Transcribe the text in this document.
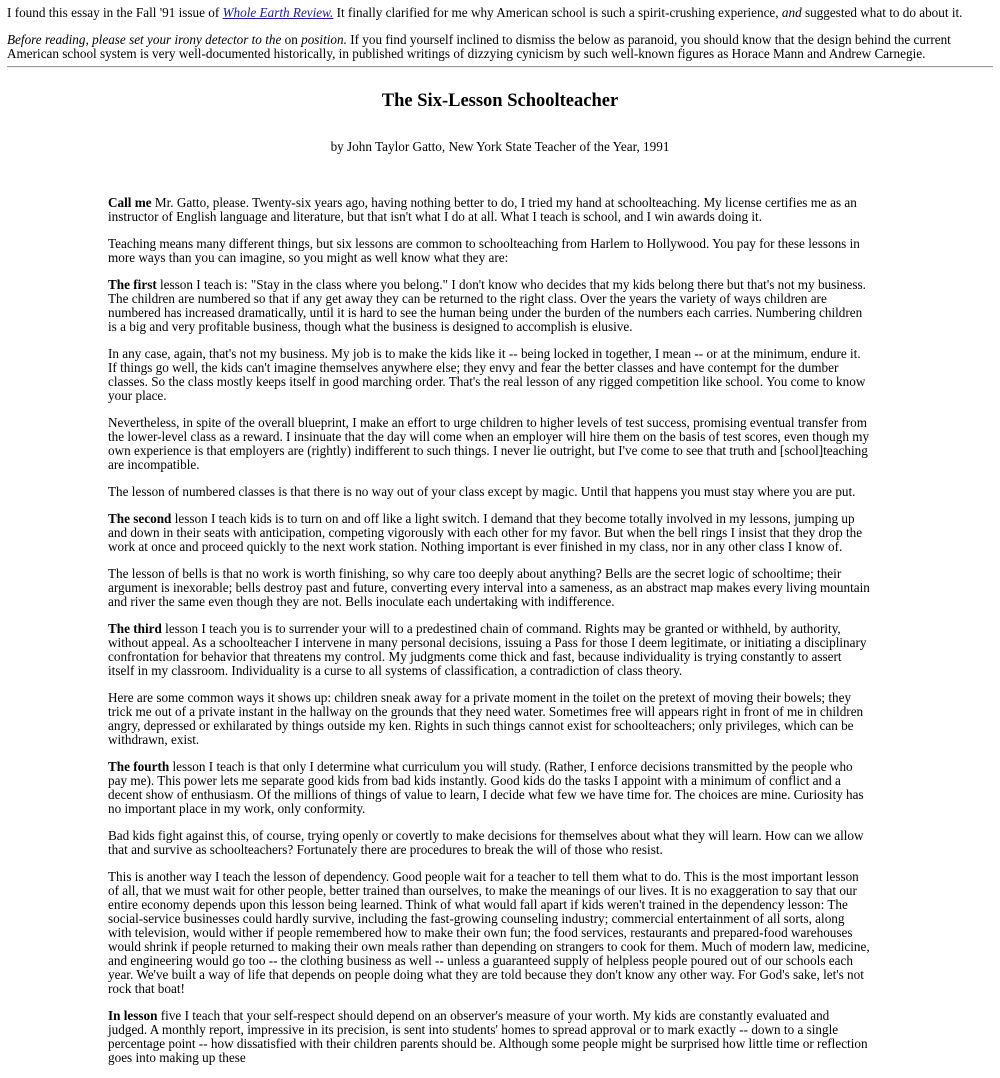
I found this essay in the Fall '91 issue of Whole Earth Review. It finally clarified for me why American school is such a spirit-crushing experience, and suggested what to do about it.

Before reading, please set your irony detector to the on position. If you find yourself inclined to dismiss the below as paranoid, you should know that the design behind the current American school system is very well-documented historically, in published writings of dizzying cynicism by such well-known figures as Horace Mann and Andrew Carnegie.

The Six-Lesson Schoolteacher

by John Taylor Gatto, New York State Teacher of the Year, 1991

Call me Mr. Gatto, please. Twenty-six years ago, having nothing better to do, I tried my hand at schoolteaching. My license certifies me as an instructor of English language and literature, but that isn't what I do at all. What I teach is school, and I win awards doing it.

Teaching means many different things, but six lessons are common to schoolteaching from Harlem to Hollywood. You pay for these lessons in more ways than you can imagine, so you might as well know what they are:

The first lesson I teach is: "Stay in the class where you belong." I don't know who decides that my kids belong there but that's not my business. The children are numbered so that if any get away they can be returned to the right class. Over the years the variety of ways children are numbered has increased dramatically, until it is hard to see the human being under the burden of the numbers each carries. Numbering children is a big and very profitable business, though what the business is designed to accomplish is elusive.

In any case, again, that's not my business. My job is to make the kids like it -- being locked in together, I mean -- or at the minimum, endure it. If things go well, the kids can't imagine themselves anywhere else; they envy and fear the better classes and have contempt for the dumber classes. So the class mostly keeps itself in good marching order. That's the real lesson of any rigged competition like school. You come to know your place.

Nevertheless, in spite of the overall blueprint, I make an effort to urge children to higher levels of test success, promising eventual transfer from the lower-level class as a reward. I insinuate that the day will come when an employer will hire them on the basis of test scores, even though my own experience is that employers are (rightly) indifferent to such things. I never lie outright, but I've come to see that truth and [school]teaching are incompatible.

The lesson of numbered classes is that there is no way out of your class except by magic. Until that happens you must stay where you are put.

The second lesson I teach kids is to turn on and off like a light switch. I demand that they become totally involved in my lessons, jumping up and down in their seats with anticipation, competing vigorously with each other for my favor. But when the bell rings I insist that they drop the work at once and proceed quickly to the next work station. Nothing important is ever finished in my class, nor in any other class I know of.

The lesson of bells is that no work is worth finishing, so why care too deeply about anything? Bells are the secret logic of schooltime; their argument is inexorable; bells destroy past and future, converting every interval into a sameness, as an abstract map makes every living mountain and river the same even though they are not. Bells inoculate each undertaking with indifference.

The third lesson I teach you is to surrender your will to a predestined chain of command. Rights may be granted or withheld, by authority, without appeal. As a schoolteacher I intervene in many personal decisions, issuing a Pass for those I deem legitimate, or initiating a disciplinary confrontation for behavior that threatens my control. My judgments come thick and fast, because individuality is trying constantly to assert itself in my classroom. Individuality is a curse to all systems of classification, a contradiction of class theory.

Here are some common ways it shows up: children sneak away for a private moment in the toilet on the pretext of moving their bowels; they trick me out of a private instant in the hallway on the grounds that they need water. Sometimes free will appears right in front of me in children angry, depressed or exhilarated by things outside my ken. Rights in such things cannot exist for schoolteachers; only privileges, which can be withdrawn, exist.

The fourth lesson I teach is that only I determine what curriculum you will study. (Rather, I enforce decisions transmitted by the people who pay me). This power lets me separate good kids from bad kids instantly. Good kids do the tasks I appoint with a minimum of conflict and a decent show of enthusiasm. Of the millions of things of value to learn, I decide what few we have time for. The choices are mine. Curiosity has no important place in my work, only conformity.

Bad kids fight against this, of course, trying openly or covertly to make decisions for themselves about what they will learn. How can we allow that and survive as schoolteachers? Fortunately there are procedures to break the will of those who resist.

This is another way I teach the lesson of dependency. Good people wait for a teacher to tell them what to do. This is the most important lesson of all, that we must wait for other people, better trained than ourselves, to make the meanings of our lives. It is no exaggeration to say that our entire economy depends upon this lesson being learned. Think of what would fall apart if kids weren't trained in the dependency lesson: The social-service businesses could hardly survive, including the fast-growing counseling industry; commercial entertainment of all sorts, along with television, would wither if people remembered how to make their own fun; the food services, restaurants and prepared-food warehouses would shrink if people returned to making their own meals rather than depending on strangers to cook for them. Much of modern law, medicine, and engineering would go too -- the clothing business as well -- unless a guaranteed supply of helpless people poured out of our schools each year. We've built a way of life that depends on people doing what they are told because they don't know any other way. For God's sake, let's not rock that boat!

In lesson five I teach that your self-respect should depend on an observer's measure of your worth. My kids are constantly evaluated and judged. A monthly report, impressive in its precision, is sent into students' homes to spread approval or to mark exactly -- down to a single percentage point -- how dissatisfied with their children parents should be. Although some people might be surprised how little time or reflection goes into making up these
